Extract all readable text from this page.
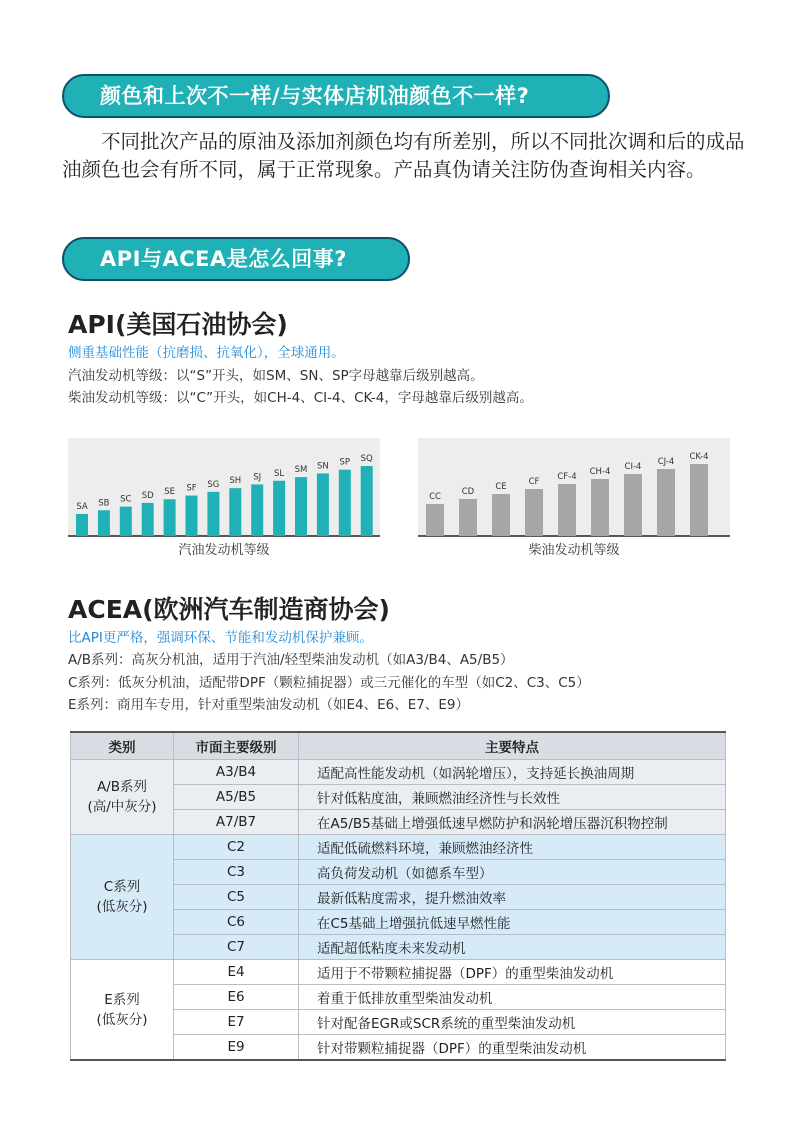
颜色和上次不一样/与实体店机油颜色不一样?

不同批次产品的原油及添加剂颜色均有所差别，所以不同批次调和后的成品油颜色也会有所不同，属于正常现象。产品真伪请关注防伪查询相关内容。

API与ACEA是怎么回事?
API(美国石油协会)
侧重基础性能（抗磨损、抗氧化），全球通用。
汽油发动机等级：以“S”开头，如SM、SN、SP字母越靠后级别越高。
柴油发动机等级：以“C”开头，如CH-4、CI-4、CK-4，字母越靠后级别越高。
SA SB SC SD SE SF SG SH SJ SL SM SN SP SQ
汽油发动机等级
CC CD CE	CF CF-4 CH-4 CI-4 CJ-4 CK-4
柴油发动机等级
ACEA(欧洲汽车制造商协会)
比API更严格，强调环保、节能和发动机保护兼顾。
A/B系列：高灰分机油，适用于汽油/轻型柴油发动机（如A3/B4、A5/B5）
C系列：低灰分机油，适配带DPF（颗粒捕捉器）或三元催化的车型（如C2、C3、C5）
E系列：商用车专用，针对重型柴油发动机（如E4、E6、E7、E9）
类别	市面主要级别	主要特点

A/B系列
(高/中灰分)	A3/B4	适配高性能发动机（如涡轮增压），支持延长换油周期
	A5/B5	针对低粘度油，兼顾燃油经济性与长效性
	A7/B7	在A5/B5基础上增强低速早燃防护和涡轮增压器沉积物控制

C系列
(低灰分)	C2	适配低硫燃料环境，兼顾燃油经济性
	C3	高负荷发动机（如德系车型）
	C5	最新低粘度需求，提升燃油效率
	C6	在C5基础上增强抗低速早燃性能
	C7	适配超低粘度未来发动机

E系列
(低灰分)	E4	适用于不带颗粒捕捉器（DPF）的重型柴油发动机
	E6	着重于低排放重型柴油发动机
	E7	针对配备EGR或SCR系统的重型柴油发动机
	E9	针对带颗粒捕捉器（DPF）的重型柴油发动机
